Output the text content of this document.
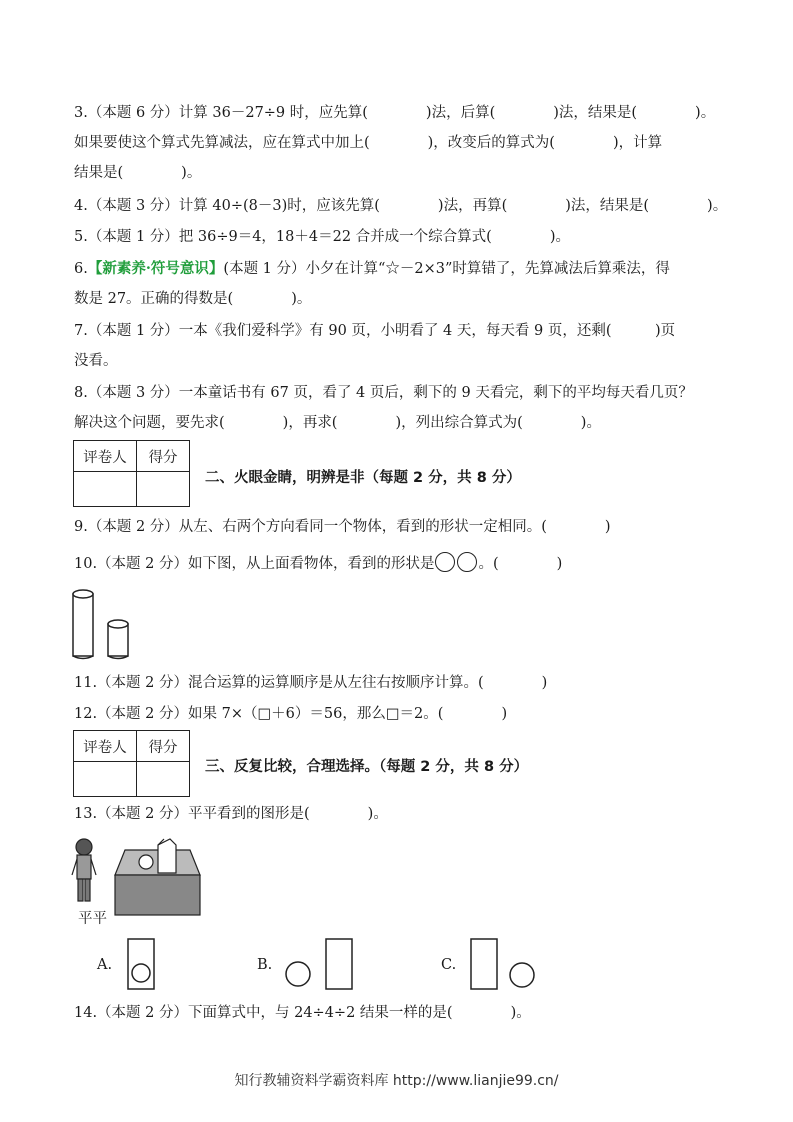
3.（本题 6 分）计算 36－27÷9 时，应先算(　　　　)法，后算(　　　　)法，结果是(　　　　)。
如果要使这个算式先算减法，应在算式中加上(　　　　)，改变后的算式为(　　　　)，计算
结果是(　　　　)。
4.（本题 3 分）计算 40÷(8－3)时，应该先算(　　　　)法，再算(　　　　)法，结果是(　　　　)。
5.（本题 1 分）把 36÷9＝4，18＋4＝22 合并成一个综合算式(　　　　)。
6.【新素养·符号意识】(本题 1 分）小夕在计算“☆－2×3”时算错了，先算减法后算乘法，得
数是 27。正确的得数是(　　　　)。
7.（本题 1 分）一本《我们爱科学》有 90 页，小明看了 4 天，每天看 9 页，还剩(　　　)页
没看。
8.（本题 3 分）一本童话书有 67 页，看了 4 页后，剩下的 9 天看完，剩下的平均每天看几页？
解决这个问题，要先求(　　　　)，再求(　　　　)，列出综合算式为(　　　　)。
评卷人	得分

二、火眼金睛，明辨是非（每题 2 分，共 8 分）
9.（本题 2 分）从左、右两个方向看同一个物体，看到的形状一定相同。(　　　　)
10.（本题 2 分）如下图，从上面看物体，看到的形状是	。(　　　　)
11.（本题 2 分）混合运算的运算顺序是从左往右按顺序计算。(　　　　)
12.（本题 2 分）如果 7×（□＋6）＝56，那么□＝2。(　　　　)
评卷人	得分

三、反复比较，合理选择。（每题 2 分，共 8 分）
13.（本题 2 分）平平看到的图形是(　　　　)。
平平
A.	B.	C.
14.（本题 2 分）下面算式中，与 24÷4÷2 结果一样的是(　　　　)。
知行教辅资料学霸资料库 http://www.lianjie99.cn/
